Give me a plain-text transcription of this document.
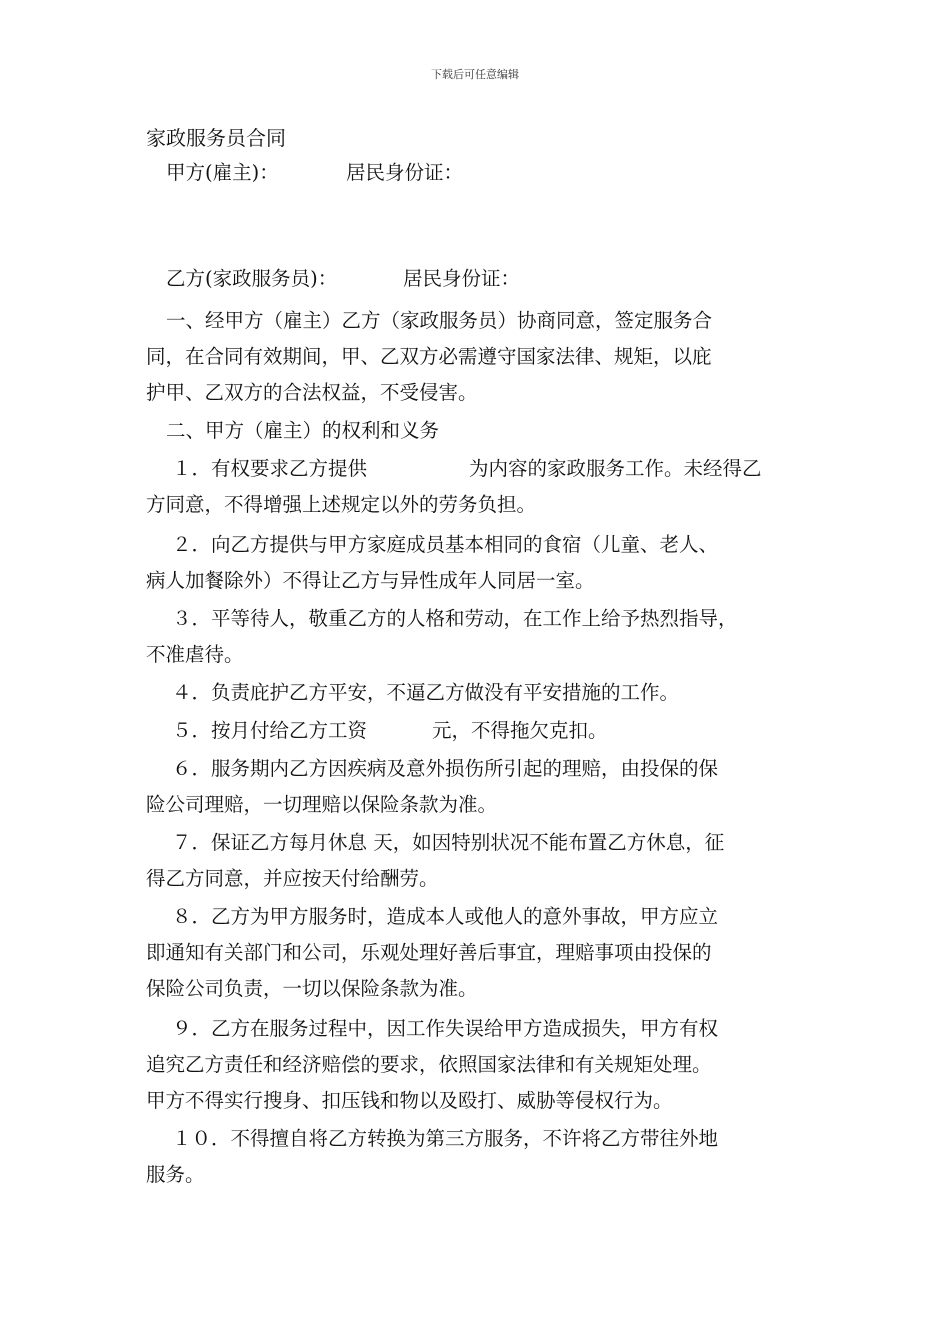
下载后可任意编辑
家政服务员合同
甲方(雇主)：	居民身份证：
乙方(家政服务员)：	居民身份证：
一、经甲方（雇主）乙方（家政服务员）协商同意，签定服务合
同，在合同有效期间，甲、乙双方必需遵守国家法律、规矩，以庇
护甲、乙双方的合法权益，不受侵害。
二、甲方（雇主）的权利和义务
１．有权要求乙方提供	为内容的家政服务工作。未经得乙
方同意，不得增强上述规定以外的劳务负担。
２．向乙方提供与甲方家庭成员基本相同的食宿（儿童、老人、
病人加餐除外）不得让乙方与异性成年人同居一室。
３．平等待人，敬重乙方的人格和劳动，在工作上给予热烈指导，
不准虐待。
４．负责庇护乙方平安，不逼乙方做没有平安措施的工作。
５．按月付给乙方工资	元，不得拖欠克扣。
６．服务期内乙方因疾病及意外损伤所引起的理赔，由投保的保
险公司理赔，一切理赔以保险条款为准。
７．保证乙方每月休息 天，如因特别状况不能布置乙方休息，征
得乙方同意，并应按天付给酬劳。
８．乙方为甲方服务时，造成本人或他人的意外事故，甲方应立
即通知有关部门和公司，乐观处理好善后事宜，理赔事项由投保的
保险公司负责，一切以保险条款为准。
９．乙方在服务过程中，因工作失误给甲方造成损失，甲方有权
追究乙方责任和经济赔偿的要求，依照国家法律和有关规矩处理。
甲方不得实行搜身、扣压钱和物以及殴打、威胁等侵权行为。
１０．不得擅自将乙方转换为第三方服务，不许将乙方带往外地
服务。
